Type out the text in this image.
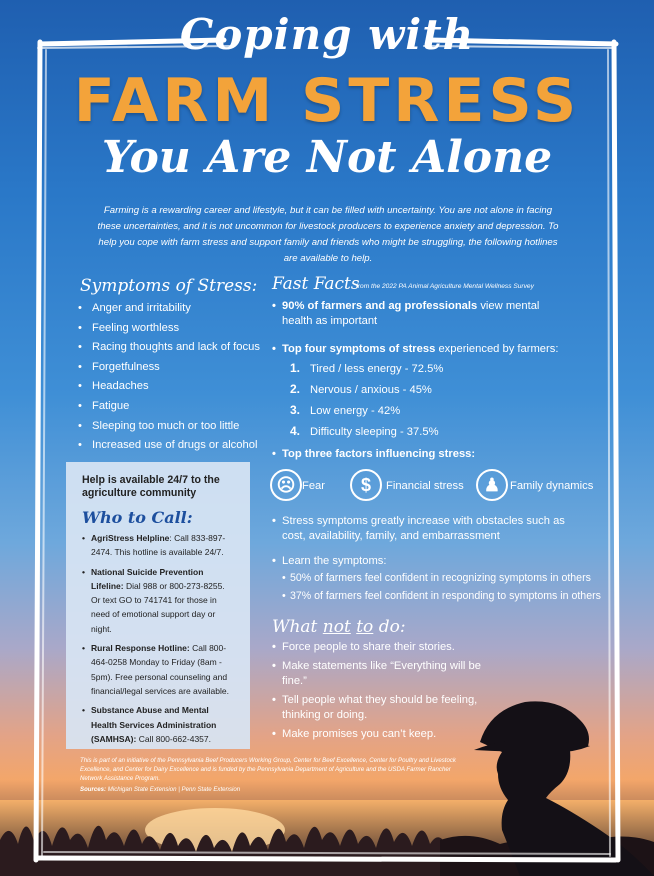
Coping with
FARM STRESS
You Are Not Alone
Farming is a rewarding career and lifestyle, but it can be filled with uncertainty. You are not alone in facing these uncertainties, and it is not uncommon for livestock producers to experience anxiety and depression. To help you cope with farm stress and support family and friends who might be struggling, the following hotlines are available to help.
Symptoms of Stress:
• Anger and irritability
• Feeling worthless
• Racing thoughts and lack of focus
• Forgetfulness
• Headaches
• Fatigue
• Sleeping too much or too little
• Increased use of drugs or alcohol
Help is available 24/7 to the agriculture community
Who to Call:
• AgriStress Helpline: Call 833-897-2474. This hotline is available 24/7.
• National Suicide Prevention Lifeline: Dial 988 or 800-273-8255. Or text GO to 741741 for those in need of emotional support day or night.
• Rural Response Hotline: Call 800-464-0258 Monday to Friday (8am - 5pm). Free personal counseling and financial/legal services are available.
• Substance Abuse and Mental Health Services Administration (SAMHSA): Call 800-662-4357.
Fast Facts
from the 2022 PA Animal Agriculture Mental Wellness Survey
• 90% of farmers and ag professionals view mental health as important
• Top four symptoms of stress experienced by farmers:
1. Tired / less energy - 72.5%
2. Nervous / anxious - 45%
3. Low energy - 42%
4. Difficulty sleeping - 37.5%
• Top three factors influencing stress:
☹ Fear	$	Financial stress	♟ Family dynamics
• Stress symptoms greatly increase with obstacles such as cost, availability, family, and embarrassment
• Learn the symptoms:
• 50% of farmers feel confident in recognizing symptoms in others
• 37% of farmers feel confident in responding to symptoms in others
What not to do:
• Force people to share their stories.
• Make statements like “Everything will be fine.”
• Tell people what they should be feeling, thinking or doing.
• Make promises you can’t keep.
This is part of an initiative of the Pennsylvania Beef Producers Working Group, Center for Beef Excellence, Center for Poultry and Livestock Excellence, and Center for Dairy Excellence and is funded by the Pennsylvania Department of Agriculture and the USDA Farmer Rancher Network Assistance Program.
Sources: Michigan State Extension | Penn State Extension
